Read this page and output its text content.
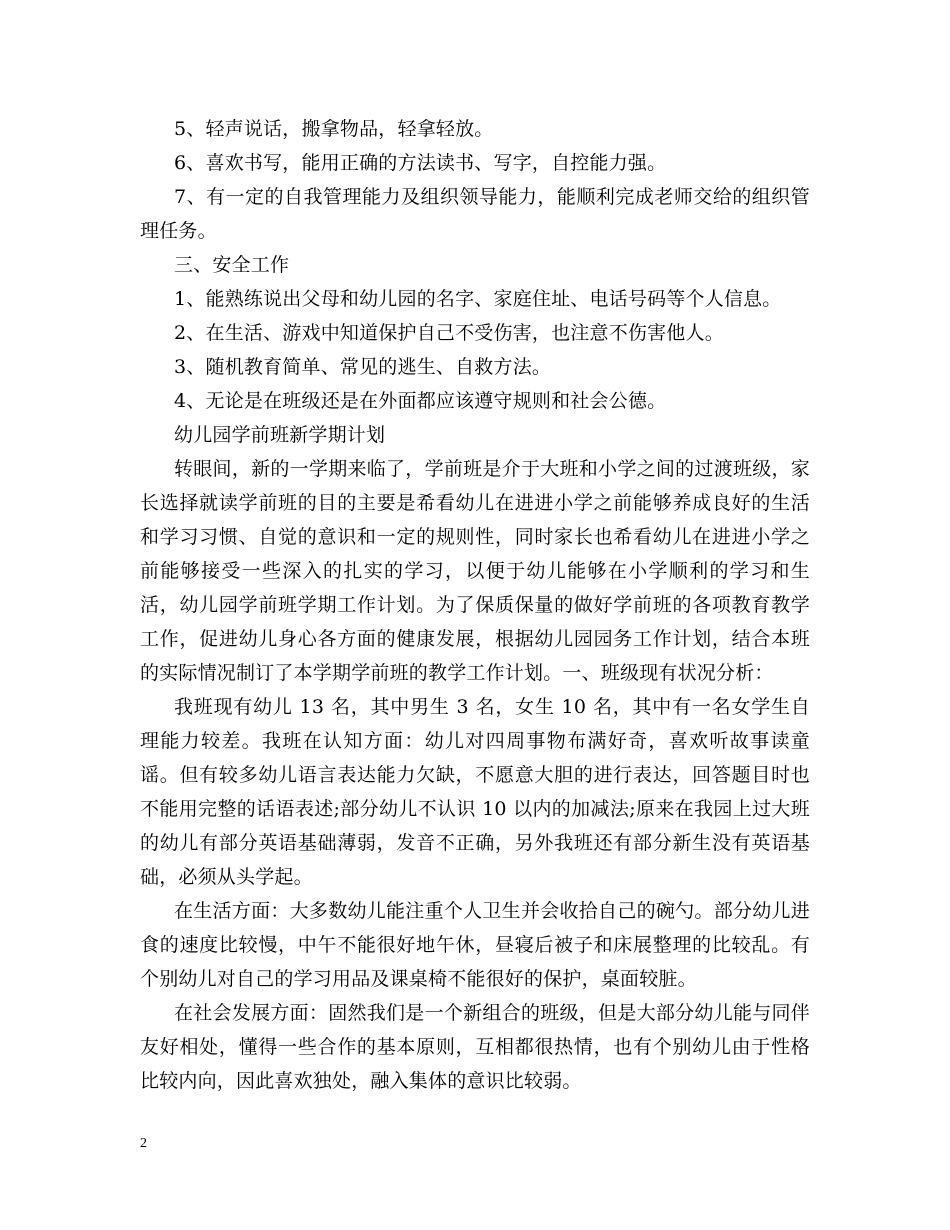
5、轻声说话，搬拿物品，轻拿轻放。

6、喜欢书写，能用正确的方法读书、写字，自控能力强。

7、有一定的自我管理能力及组织领导能力，能顺利完成老师交给的组织管理任务。

三、安全工作

1、能熟练说出父母和幼儿园的名字、家庭住址、电话号码等个人信息。

2、在生活、游戏中知道保护自己不受伤害，也注意不伤害他人。

3、随机教育简单、常见的逃生、自救方法。

4、无论是在班级还是在外面都应该遵守规则和社会公德。

幼儿园学前班新学期计划

转眼间，新的一学期来临了，学前班是介于大班和小学之间的过渡班级，家长选择就读学前班的目的主要是希看幼儿在进进小学之前能够养成良好的生活和学习习惯、自觉的意识和一定的规则性，同时家长也希看幼儿在进进小学之前能够接受一些深入的扎实的学习，以便于幼儿能够在小学顺利的学习和生活，幼儿园学前班学期工作计划。为了保质保量的做好学前班的各项教育教学工作，促进幼儿身心各方面的健康发展，根据幼儿园园务工作计划，结合本班的实际情况制订了本学期学前班的教学工作计划。一、班级现有状况分析：

我班现有幼儿 13 名，其中男生 3 名，女生 10 名，其中有一名女学生自理能力较差。我班在认知方面：幼儿对四周事物布满好奇，喜欢听故事读童谣。但有较多幼儿语言表达能力欠缺，不愿意大胆的进行表达，回答题目时也不能用完整的话语表述;部分幼儿不认识 10 以内的加减法;原来在我园上过大班的幼儿有部分英语基础薄弱，发音不正确，另外我班还有部分新生没有英语基础，必须从头学起。

在生活方面：大多数幼儿能注重个人卫生并会收拾自己的碗勺。部分幼儿进食的速度比较慢，中午不能很好地午休，昼寝后被子和床展整理的比较乱。有个别幼儿对自己的学习用品及课桌椅不能很好的保护，桌面较脏。

在社会发展方面：固然我们是一个新组合的班级，但是大部分幼儿能与同伴友好相处，懂得一些合作的基本原则，互相都很热情，也有个别幼儿由于性格比较内向，因此喜欢独处，融入集体的意识比较弱。

2
